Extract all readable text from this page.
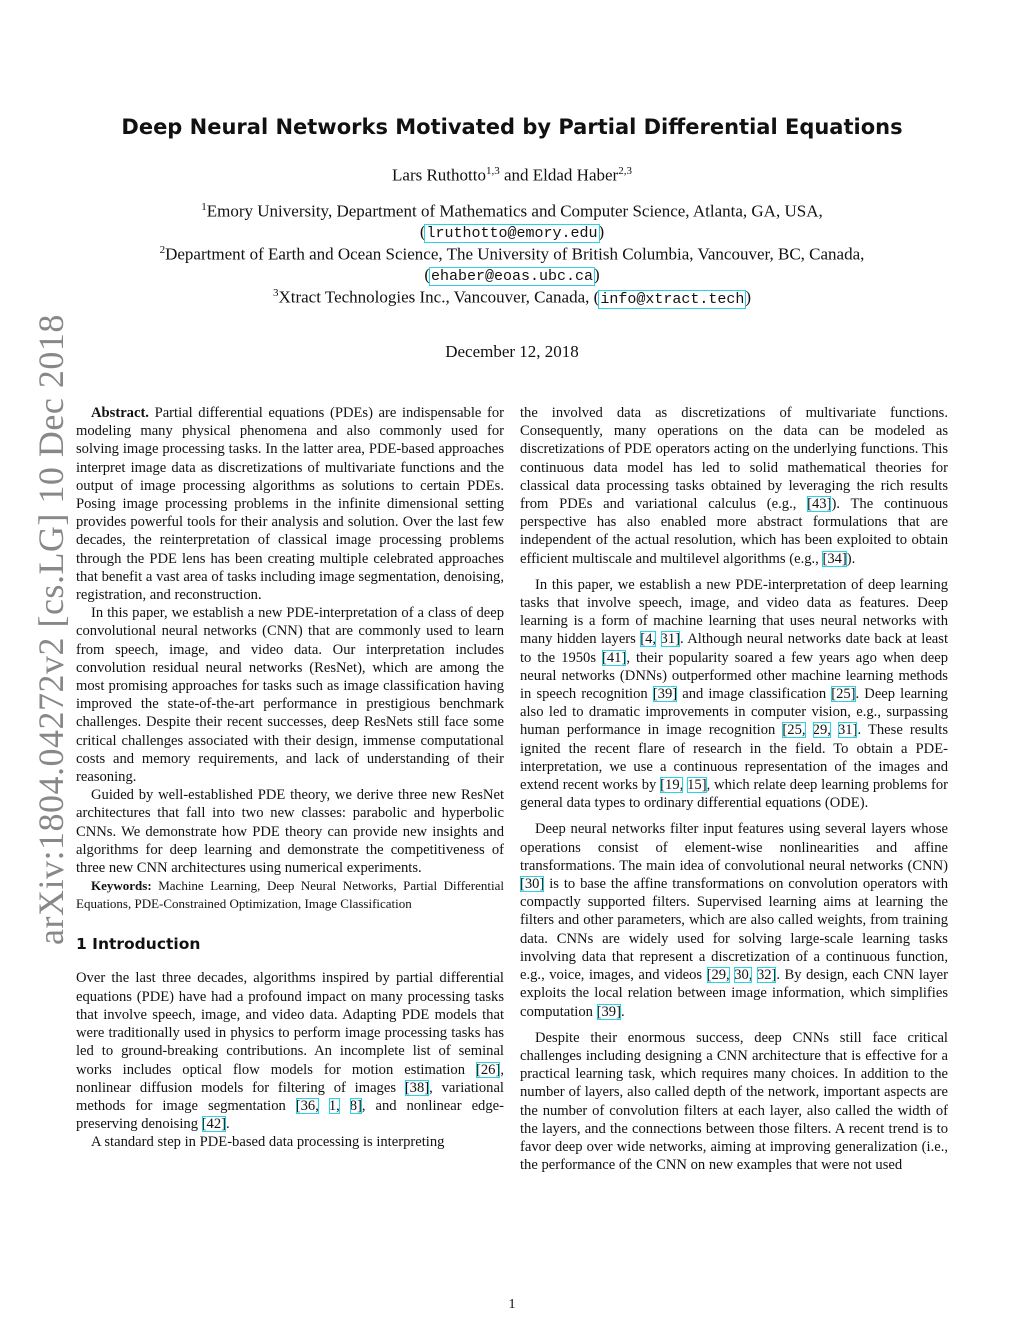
arXiv:1804.04272v2 [cs.LG] 10 Dec 2018
Deep Neural Networks Motivated by Partial Differential Equations
Lars Ruthotto$^{1,3}$ and Eldad Haber$^{2,3}$
$^1$Emory University, Department of Mathematics and Computer Science, Atlanta, GA, USA,
(lruthotto@emory.edu)
$^2$Department of Earth and Ocean Science, The University of British Columbia, Vancouver, BC, Canada,
(ehaber@eoas.ubc.ca)
$^3$Xtract Technologies Inc., Vancouver, Canada, (info@xtract.tech)
December 12, 2018

Abstract. Partial differential equations (PDEs) are indispensable for modeling many physical phenomena and also commonly used for solving image processing tasks. In the latter area, PDE-based approaches interpret image data as discretizations of multivariate functions and the output of image processing algorithms as solutions to certain PDEs. Posing image processing problems in the infinite dimensional setting provides powerful tools for their analysis and solution. Over the last few decades, the reinterpretation of classical image processing problems through the PDE lens has been creating multiple celebrated approaches that benefit a vast area of tasks including image segmentation, denoising, registration, and reconstruction.

In this paper, we establish a new PDE-interpretation of a class of deep convolutional neural networks (CNN) that are commonly used to learn from speech, image, and video data. Our interpretation includes convolution residual neural networks (ResNet), which are among the most promising approaches for tasks such as image classification having improved the state-of-the-art performance in prestigious benchmark challenges. Despite their recent successes, deep ResNets still face some critical challenges associated with their design, immense computational costs and memory requirements, and lack of understanding of their reasoning.

Guided by well-established PDE theory, we derive three new ResNet architectures that fall into two new classes: parabolic and hyperbolic CNNs. We demonstrate how PDE theory can provide new insights and algorithms for deep learning and demonstrate the competitiveness of three new CNN architectures using numerical experiments.

Keywords: Machine Learning, Deep Neural Networks, Partial Differential Equations, PDE-Constrained Optimization, Image Classification

1 Introduction

Over the last three decades, algorithms inspired by partial differential equations (PDE) have had a profound impact on many processing tasks that involve speech, image, and video data. Adapting PDE models that were traditionally used in physics to perform image processing tasks has led to ground-breaking contributions. An incomplete list of seminal works includes optical flow models for motion estimation [26], nonlinear diffusion models for filtering of images [38], variational methods for image segmentation [36, 1, 8], and nonlinear edge-preserving denoising [42].

A standard step in PDE-based data processing is interpreting

the involved data as discretizations of multivariate functions. Consequently, many operations on the data can be modeled as discretizations of PDE operators acting on the underlying functions. This continuous data model has led to solid mathematical theories for classical data processing tasks obtained by leveraging the rich results from PDEs and variational calculus (e.g., [43]). The continuous perspective has also enabled more abstract formulations that are independent of the actual resolution, which has been exploited to obtain efficient multiscale and multilevel algorithms (e.g., [34]).

In this paper, we establish a new PDE-interpretation of deep learning tasks that involve speech, image, and video data as features. Deep learning is a form of machine learning that uses neural networks with many hidden layers [4, 31]. Although neural networks date back at least to the 1950s [41], their popularity soared a few years ago when deep neural networks (DNNs) outperformed other machine learning methods in speech recognition [39] and image classification [25]. Deep learning also led to dramatic improvements in computer vision, e.g., surpassing human performance in image recognition [25, 29, 31]. These results ignited the recent flare of research in the field. To obtain a PDE-interpretation, we use a continuous representation of the images and extend recent works by [19, 15], which relate deep learning problems for general data types to ordinary differential equations (ODE).

Deep neural networks filter input features using several layers whose operations consist of element-wise nonlinearities and affine transformations. The main idea of convolutional neural networks (CNN) [30] is to base the affine transformations on convolution operators with compactly supported filters. Supervised learning aims at learning the filters and other parameters, which are also called weights, from training data. CNNs are widely used for solving large-scale learning tasks involving data that represent a discretization of a continuous function, e.g., voice, images, and videos [29, 30, 32]. By design, each CNN layer exploits the local relation between image information, which simplifies computation [39].

Despite their enormous success, deep CNNs still face critical challenges including designing a CNN architecture that is effective for a practical learning task, which requires many choices. In addition to the number of layers, also called depth of the network, important aspects are the number of convolution filters at each layer, also called the width of the layers, and the connections between those filters. A recent trend is to favor deep over wide networks, aiming at improving generalization (i.e., the performance of the CNN on new examples that were not used

1
